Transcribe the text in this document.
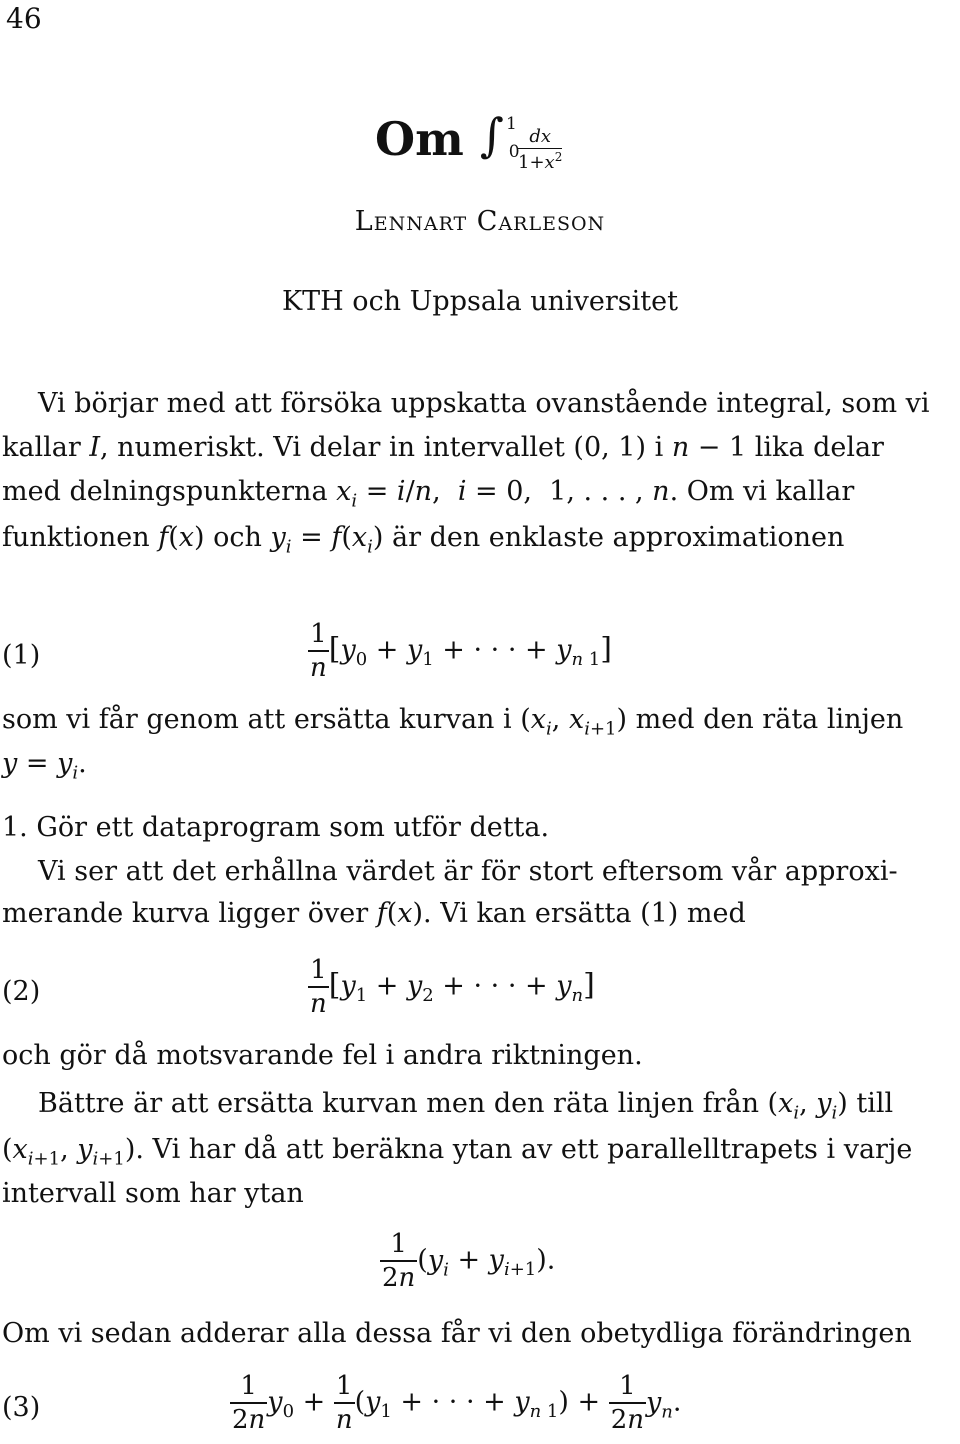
46
Om ∫ $^1$0
dx
$1+x^2$
Lennart Carleson
KTH och Uppsala universitet
Vi börjar med att försöka uppskatta ovanstående integral, som vi
kallar I, numeriskt. Vi delar in intervallet (0, 1) i n − 1 lika delar
med delningspunkterna $x_i = i/n$,  i = 0,  1, . . . , n. Om vi kallar
funktionen f(x) och $y_i = f(x_i)$ är den enklaste approximationen
(1)	$\frac{1}{n} [y_0 + y_1$ + · · · + $y_{n 1}$]
som vi får genom att ersätta kurvan i ($x_i$, $x_{i+1}$) med den räta linjen
$y = y_i$.
1. Gör ett dataprogram som utför detta.
Vi ser att det erhållna värdet är för stort eftersom vår approxi-
merande kurva ligger över f(x). Vi kan ersätta (1) med
(2)	$\frac{1}{n} [y_1 + y_2$ + · · · + $y_n$]
och gör då motsvarande fel i andra riktningen.
Bättre är att ersätta kurvan men den räta linjen från ($x_i$, $y_i$) till
($x_{i+1}$, $y_{i+1}$). Vi har då att beräkna ytan av ett parallelltrapets i varje
intervall som har ytan
$\frac{1}{2n} (y_i + y_{i+1})$.
Om vi sedan adderar alla dessa får vi den obetydliga förändringen
(3)	$\frac{1}{2n} y_0 + \frac{1}{n} (y_1$ + · · · + $y_{n 1}) + \frac{1}{2n} y_n$.
